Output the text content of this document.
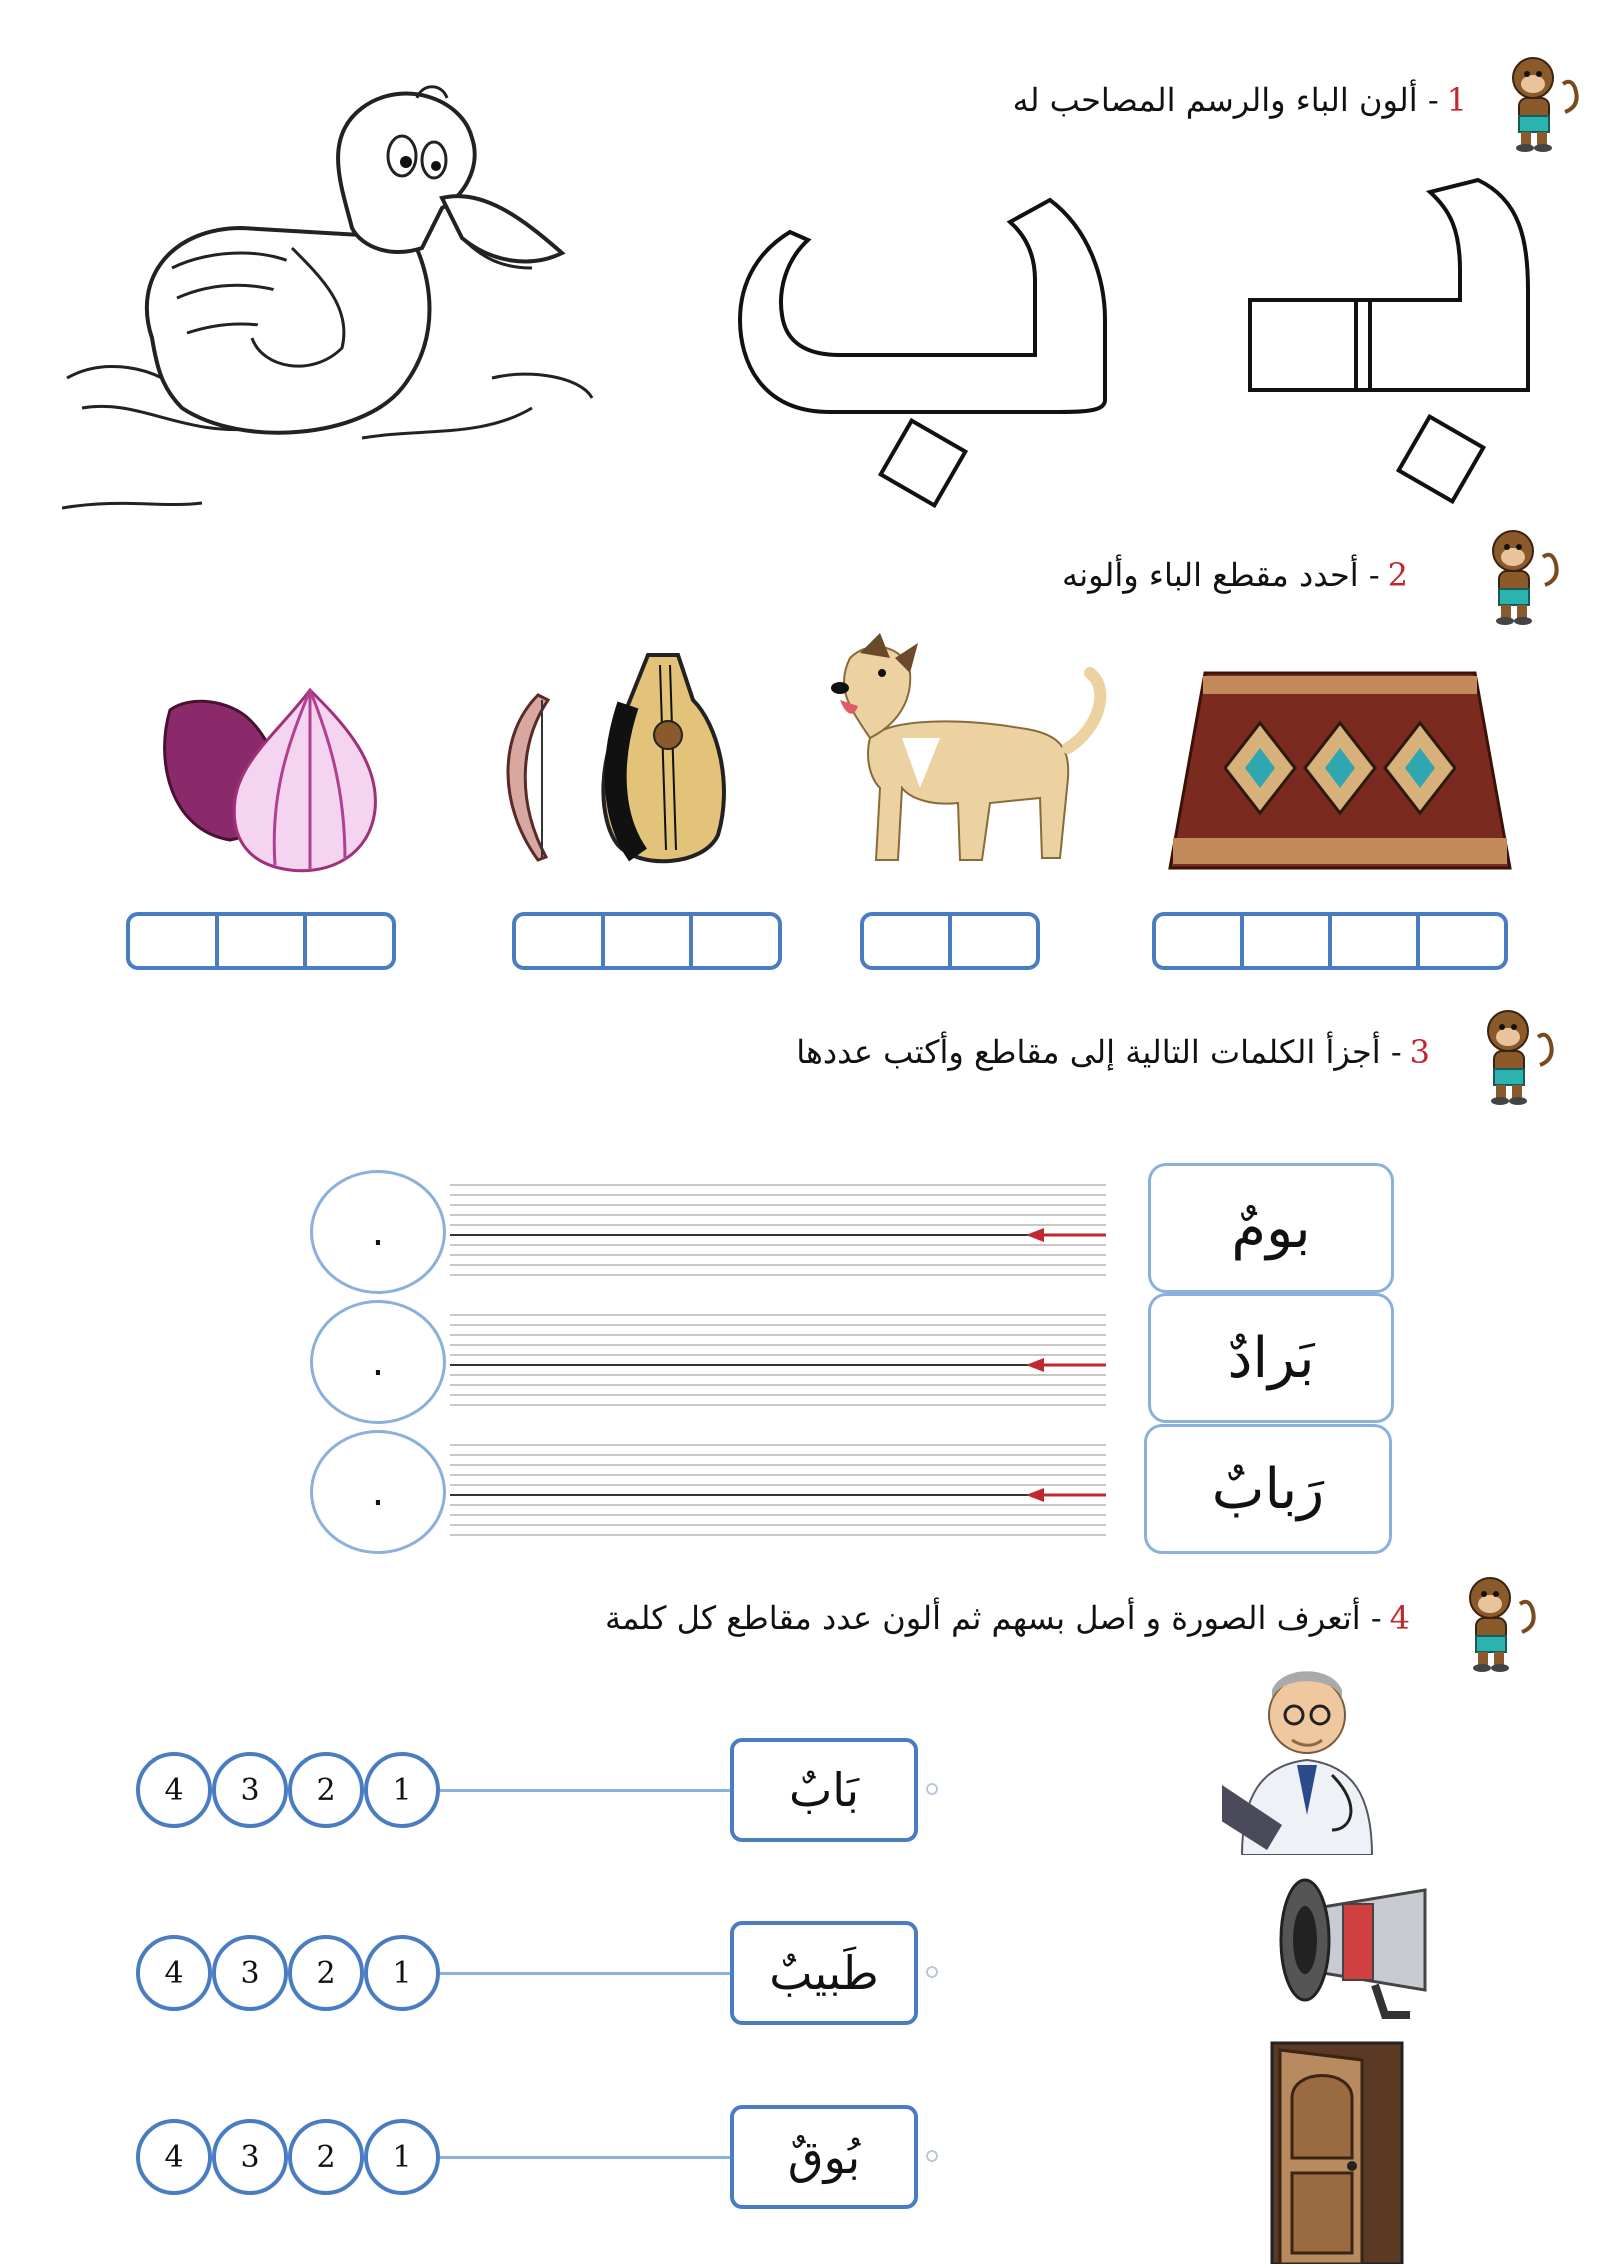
1- ألون الباء والرسم المصاحب له
2- أحدد مقطع الباء وألونه
3- أجزأ الكلمات التالية إلى مقاطع وأكتب عددها
بومٌ
.
بَرادٌ
.
رَبابٌ
.
4- أتعرف الصورة و أصل بسهم ثم ألون عدد مقاطع كل كلمة
بَابٌ
1
2
3
4
طَبيبٌ
1
2
3
4
بُوقٌ
1
2
3
4
